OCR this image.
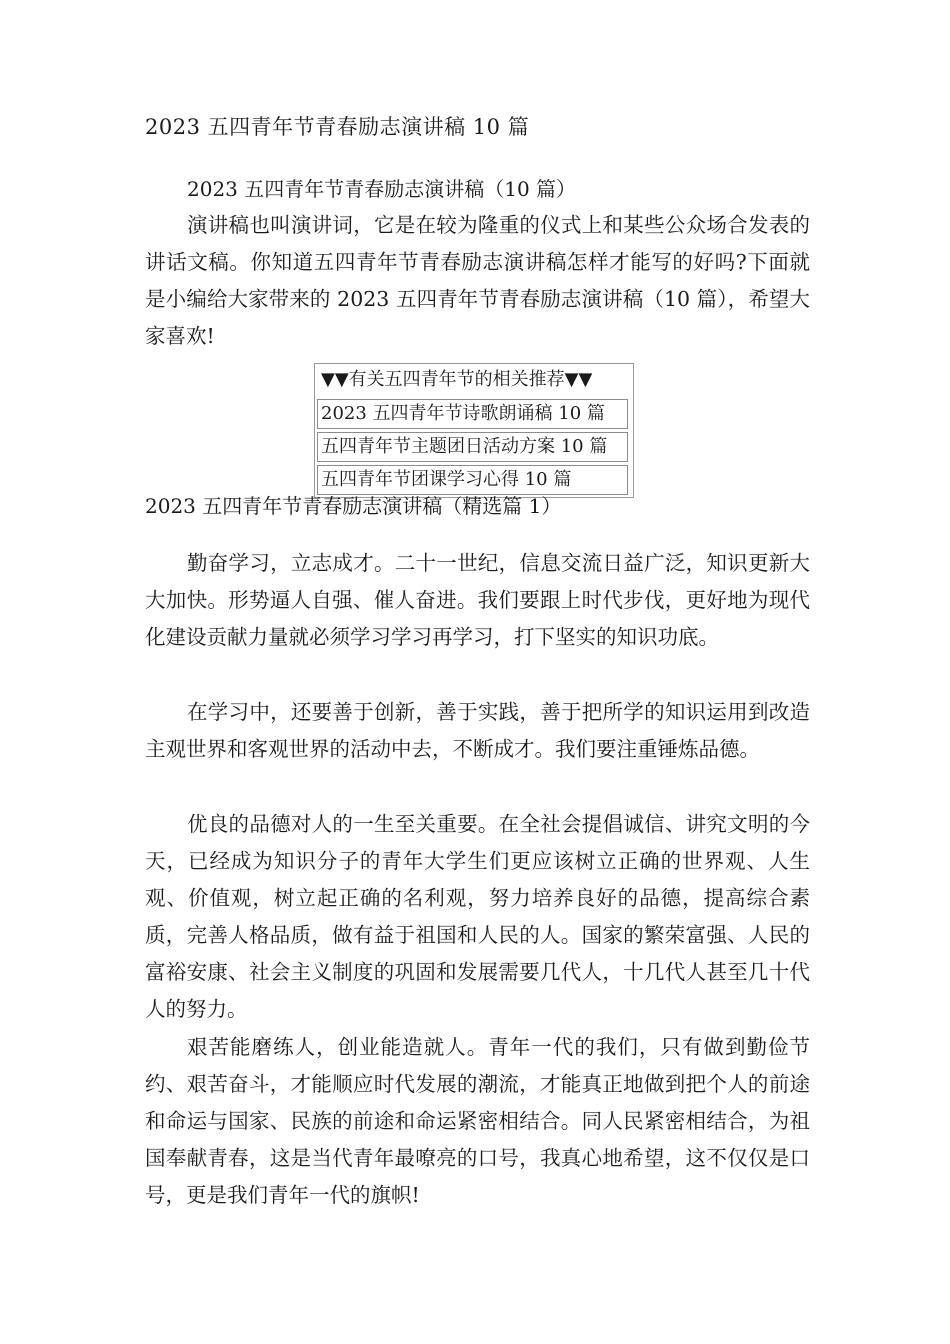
2023 五四青年节青春励志演讲稿 10 篇
2023 五四青年节青春励志演讲稿（10 篇）

演讲稿也叫演讲词，它是在较为隆重的仪式上和某些公众场合发表的讲话文稿。你知道五四青年节青春励志演讲稿怎样才能写的好吗?下面就是小编给大家带来的 2023 五四青年节青春励志演讲稿（10 篇），希望大家喜欢!

▼▼有关五四青年节的相关推荐▼▼
2023 五四青年节诗歌朗诵稿 10 篇
五四青年节主题团日活动方案 10 篇
五四青年节团课学习心得 10 篇
2023 五四青年节青春励志演讲稿（精选篇 1）

勤奋学习，立志成才。二十一世纪，信息交流日益广泛，知识更新大大加快。形势逼人自强、催人奋进。我们要跟上时代步伐，更好地为现代化建设贡献力量就必须学习学习再学习，打下坚实的知识功底。

在学习中，还要善于创新，善于实践，善于把所学的知识运用到改造主观世界和客观世界的活动中去，不断成才。我们要注重锤炼品德。

优良的品德对人的一生至关重要。在全社会提倡诚信、讲究文明的今天，已经成为知识分子的青年大学生们更应该树立正确的世界观、人生观、价值观，树立起正确的名利观，努力培养良好的品德，提高综合素质，完善人格品质，做有益于祖国和人民的人。国家的繁荣富强、人民的富裕安康、社会主义制度的巩固和发展需要几代人，十几代人甚至几十代人的努力。

艰苦能磨练人，创业能造就人。青年一代的我们，只有做到勤俭节约、艰苦奋斗，才能顺应时代发展的潮流，才能真正地做到把个人的前途和命运与国家、民族的前途和命运紧密相结合。同人民紧密相结合，为祖国奉献青春，这是当代青年最嘹亮的口号，我真心地希望，这不仅仅是口号，更是我们青年一代的旗帜!
